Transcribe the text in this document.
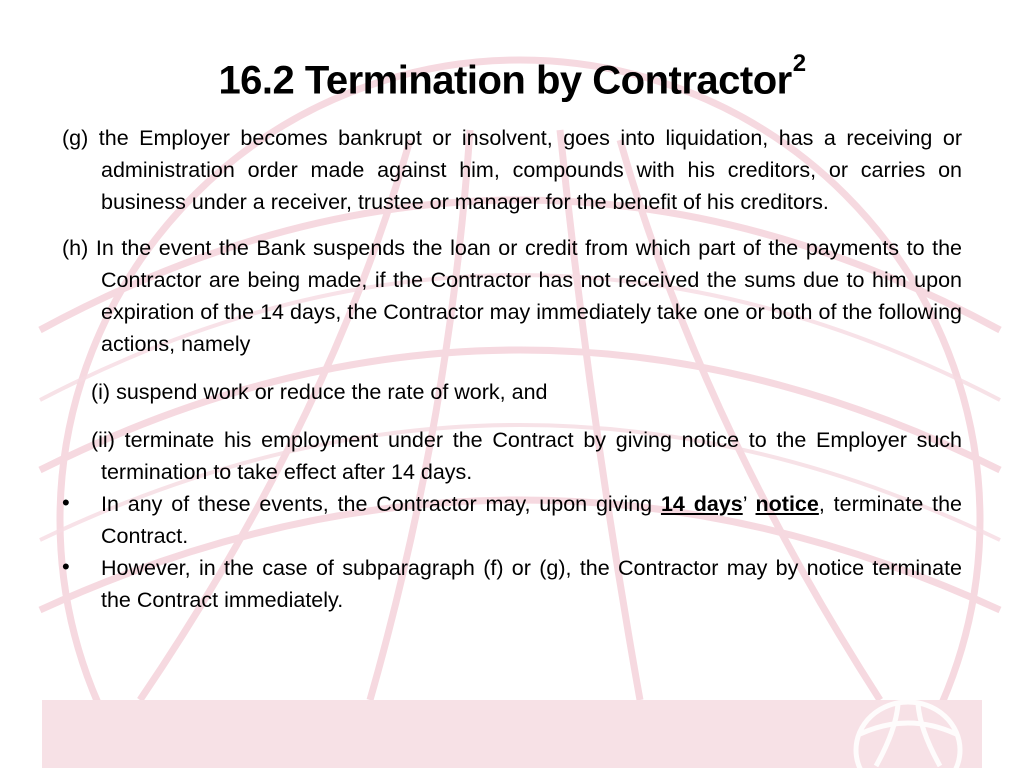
16.2 Termination by Contractor$^2$

(g) the Employer becomes bankrupt or insolvent, goes into liquidation, has a receiving or administration order made against him, compounds with his creditors, or carries on business under a receiver, trustee or manager for the benefit of his creditors.

(h) In the event the Bank suspends the loan or credit from which part of the payments to the Contractor are being made, if the Contractor has not received the sums due to him upon expiration of the 14 days, the Contractor may immediately take one or both of the following actions, namely

(i) suspend work or reduce the rate of work, and

(ii) terminate his employment under the Contract by giving notice to the Employer such termination to take effect after 14 days.

•	In any of these events, the Contractor may, upon giving 14 days’ notice, terminate the Contract.
•	However, in the case of subparagraph (f) or (g), the Contractor may by notice terminate the Contract immediately.
